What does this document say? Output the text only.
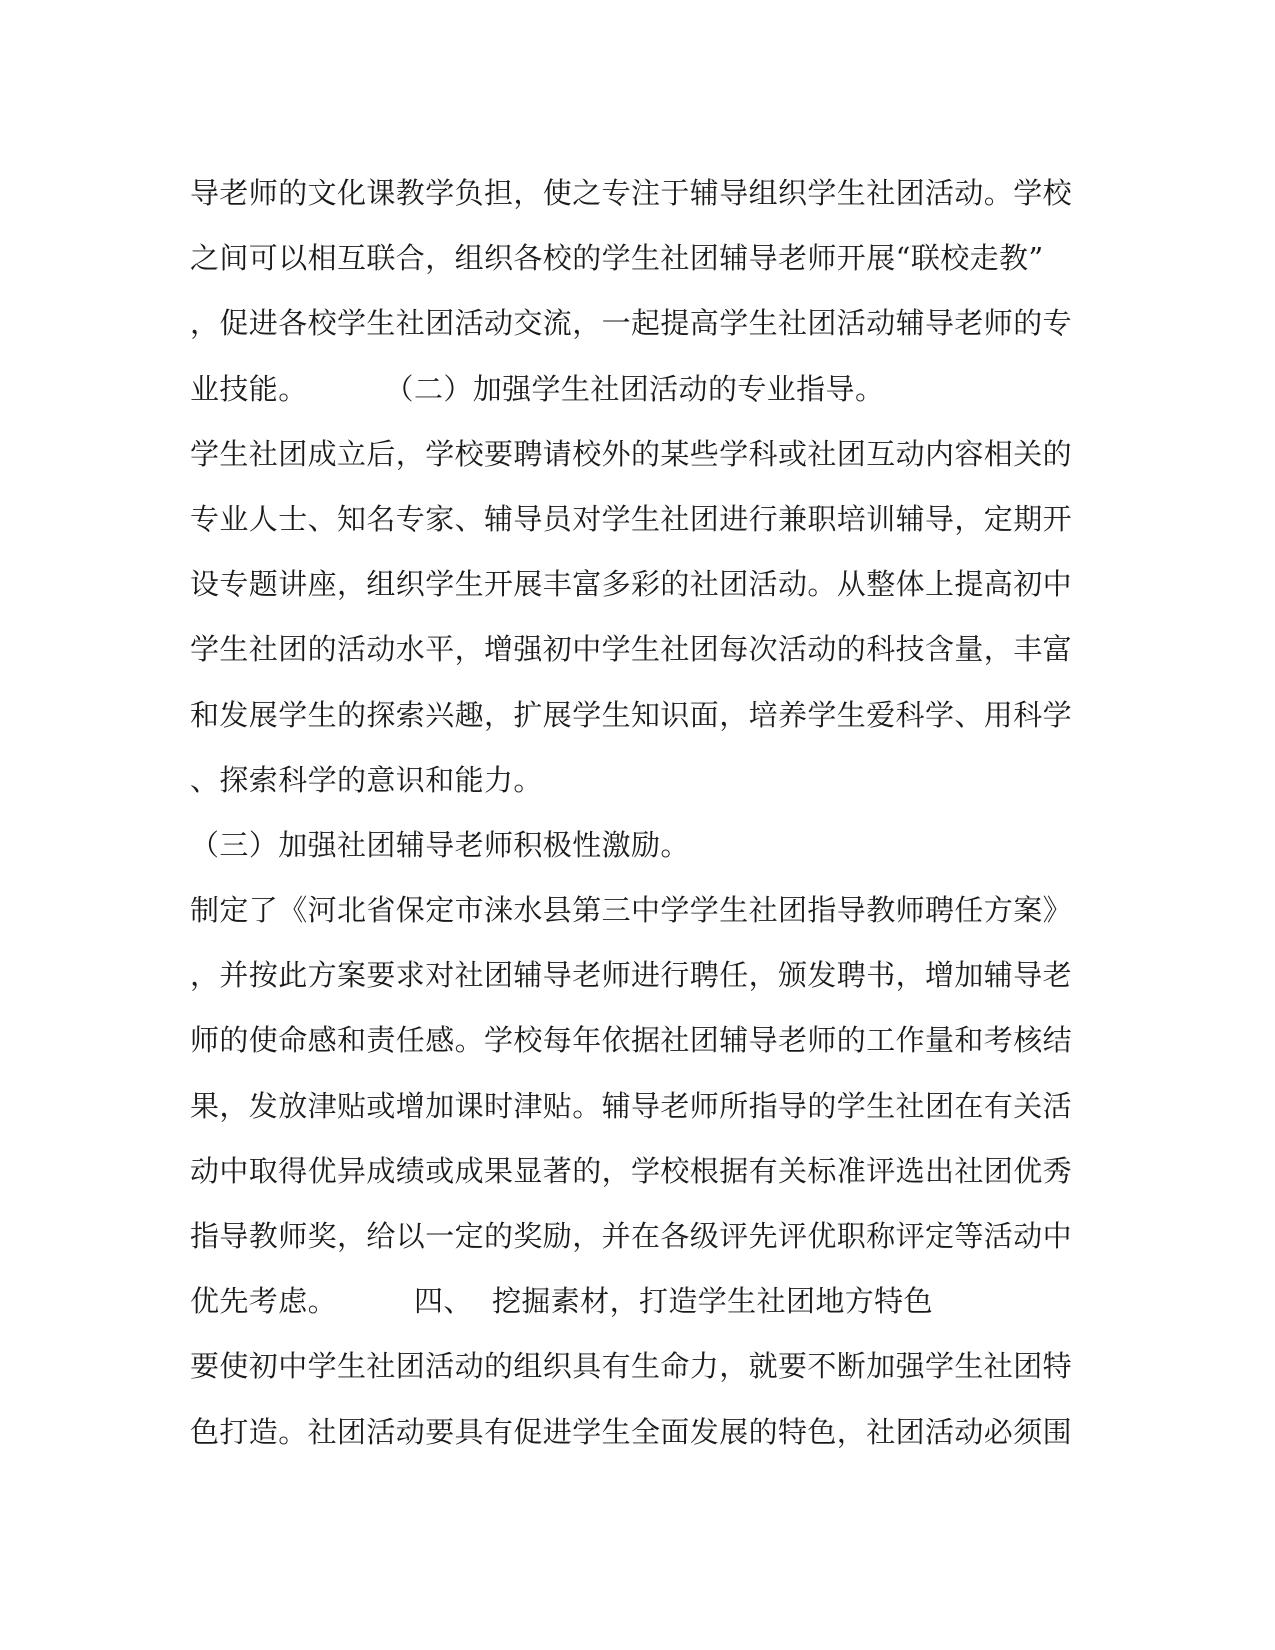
导老师的文化课教学负担，使之专注于辅导组织学生社团活动。学校
之间可以相互联合，组织各校的学生社团辅导老师开展“联校走教”
，促进各校学生社团活动交流，一起提高学生社团活动辅导老师的专
业技能。        （二）加强学生社团活动的专业指导。
学生社团成立后，学校要聘请校外的某些学科或社团互动内容相关的
专业人士、知名专家、辅导员对学生社团进行兼职培训辅导，定期开
设专题讲座，组织学生开展丰富多彩的社团活动。从整体上提高初中
学生社团的活动水平，增强初中学生社团每次活动的科技含量，丰富
和发展学生的探索兴趣，扩展学生知识面，培养学生爱科学、用科学
、探索科学的意识和能力。
（三）加强社团辅导老师积极性激励。
制定了《河北省保定市涞水县第三中学学生社团指导教师聘任方案》
，并按此方案要求对社团辅导老师进行聘任，颁发聘书，增加辅导老
师的使命感和责任感。学校每年依据社团辅导老师的工作量和考核结
果，发放津贴或增加课时津贴。辅导老师所指导的学生社团在有关活
动中取得优异成绩或成果显著的，学校根据有关标准评选出社团优秀
指导教师奖，给以一定的奖励，并在各级评先评优职称评定等活动中
优先考虑。        四、  挖掘素材，打造学生社团地方特色
要使初中学生社团活动的组织具有生命力，就要不断加强学生社团特
色打造。社团活动要具有促进学生全面发展的特色，社团活动必须围
